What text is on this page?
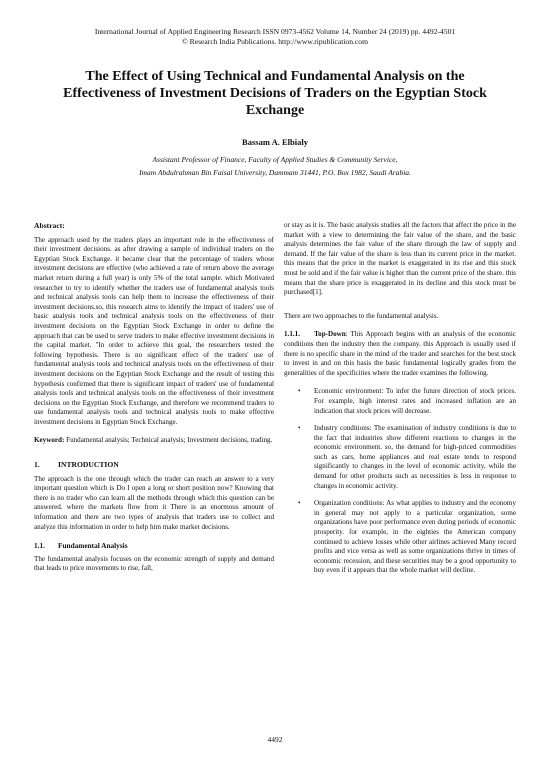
International Journal of Applied Engineering Research ISSN 0973-4562 Volume 14, Number 24 (2019) pp. 4492-4501
© Research India Publications. http://www.ripublication.com
The Effect of Using Technical and Fundamental Analysis on the Effectiveness of Investment Decisions of Traders on the Egyptian Stock Exchange
Bassam A. Elbialy
Assistant Professor of Finance, Faculty of Applied Studies & Community Service,
Imam Abdulrahman Bin Faisal University, Dammam 31441, P.O. Box 1982, Saudi Arabia.
Abstract:

The approach used by the traders plays an important role in the effectiveness of their investment decisions. as after drawing a sample of individual traders on the Egyptian Stock Exchange. it became clear that the percentage of traders whose investment decisions are effective (who achieved a rate of return above the average market return during a full year) is only 5% of the total sample. which Motivated researcher to try to identify whether the traders use of fundamental analysis tools and technical analysis tools can help them to increase the effectiveness of their investment decisions.so, this research aims to identify the impact of traders' use of basic analysis tools and technical analysis tools on the effectiveness of their investment decisions on the Egyptian Stock Exchange in order to define the approach that can be used to serve traders to make effective investment decisions in the capital market. "In order to achieve this goal, the researchers tested the following hypothesis. There is no significant effect of the traders' use of fundamental analysis tools and technical analysis tools on the effectiveness of their investment decisions on the Egyptian Stock Exchange and the result of testing this hypothesis confirmed that there is significant impact of traders' use of fundamental analysis tools and technical analysis tools on the effectiveness of their investment decisions on the Egyptian Stock Exchange, and therefore we recommend traders to use fundamental analysis tools and technical analysis tools to make effective investment decisions in Egyptian Stock Exchange.

Keyword: Fundamental analysis; Technical analysis; Investment decisions, trading.

1. INTRODUCTION

The approach is the one through which the trader can reach an answer to a very important question which is Do I open a long or short position now? Knowing that there is no trader who can learn all the methods through which this question can be answered. where the markets flow from it There is an enormous amount of information and there are two types of analysis that traders use to collect and analyze this information in order to help him make market decisions.

1.1. Fundamental Analysis

The fundamental analysis focuses on the economic strength of supply and demand that leads to price movements to rise, fall,

or stay as it is. The basic analysis studies all the factors that affect the price in the market with a view to determining the fair value of the share, and the basic analysis determines the fair value of the share through the law of supply and demand. If the fair value of the share is less than its current price in the market. this means that the price in the market is exaggerated in its rise and this stock must be sold and if the fair value is higher than the current price of the share. this means that the share price is exaggerated in its decline and this stock must be purchased[1].

There are two approaches to the fundamental analysis.

1.1.1. Top-Down: This Approach begins with an analysis of the economic conditions then the industry then the company. this Approach is usually used if there is no specific share in the mind of the trader and searches for the best stock to invest in and on this basis the basic fundamental logically grades from the generalities of the specificities where the trader examines the following.

• Economic environment: To infer the future direction of stock prices. For example, high interest rates and increased inflation are an indication that stock prices will decrease.
• Industry conditions: The examination of industry conditions is due to the fact that industries show different reactions to changes in the economic environment. so, the demand for high-priced commodities such as cars, home appliances and real estate tends to respond significantly to changes in the level of economic activity, while the demand for other products such as necessities is less in response to changes in economic activity.
• Organization conditions: As what applies to industry and the economy in general may not apply to a particular organization, some organizations have poor performance even during periods of economic prosperity. for example, in the eighties the American company continued to achieve losses while other airlines achieved Many record profits and vice versa as well as some organizations thrive in times of economic recession, and these securities may be a good opportunity to buy even if it appears that the whole market will decline.
4492
